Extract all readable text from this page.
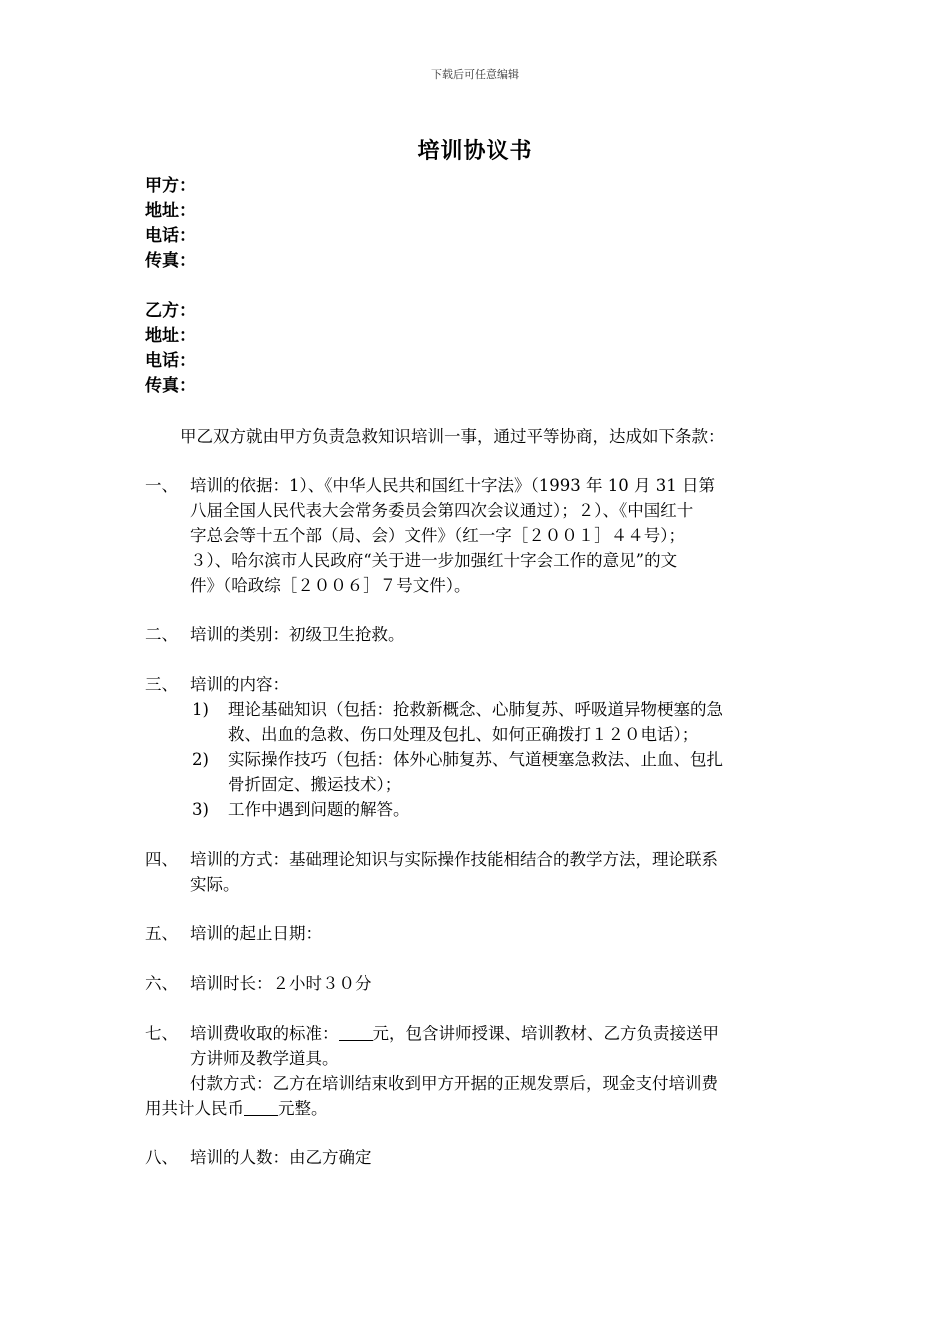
下载后可任意编辑
培训协议书
甲方：
地址：
电话：
传真：
乙方：
地址：
电话：
传真：
甲乙双方就由甲方负责急救知识培训一事，通过平等协商，达成如下条款：
一、 培训的依据：1）、《中华人民共和国红十字法》（1993 年 10 月 31 日第
八届全国人民代表大会常务委员会第四次会议通过）；２）、《中国红十
字总会等十五个部（局、会）文件》（红一字［２００１］４４号）；
３）、哈尔滨市人民政府“关于进一步加强红十字会工作的意见”的文
件》（哈政综［２００６］７号文件）。
二、 培训的类别：初级卫生抢救。
三、 培训的内容：
1) 理论基础知识（包括：抢救新概念、心肺复苏、呼吸道异物梗塞的急
救、出血的急救、伤口处理及包扎、如何正确拨打１２０电话）；
2) 实际操作技巧（包括：体外心肺复苏、气道梗塞急救法、止血、包扎
骨折固定、搬运技术）；
3) 工作中遇到问题的解答。
四、 培训的方式：基础理论知识与实际操作技能相结合的教学方法，理论联系
实际。
五、 培训的起止日期：
六、 培训时长：２小时３０分
七、 培训费收取的标准： 元，包含讲师授课、培训教材、乙方负责接送甲
方讲师及教学道具。
付款方式：乙方在培训结束收到甲方开据的正规发票后，现金支付培训费
用共计人民币 元整。
八、 培训的人数：由乙方确定
